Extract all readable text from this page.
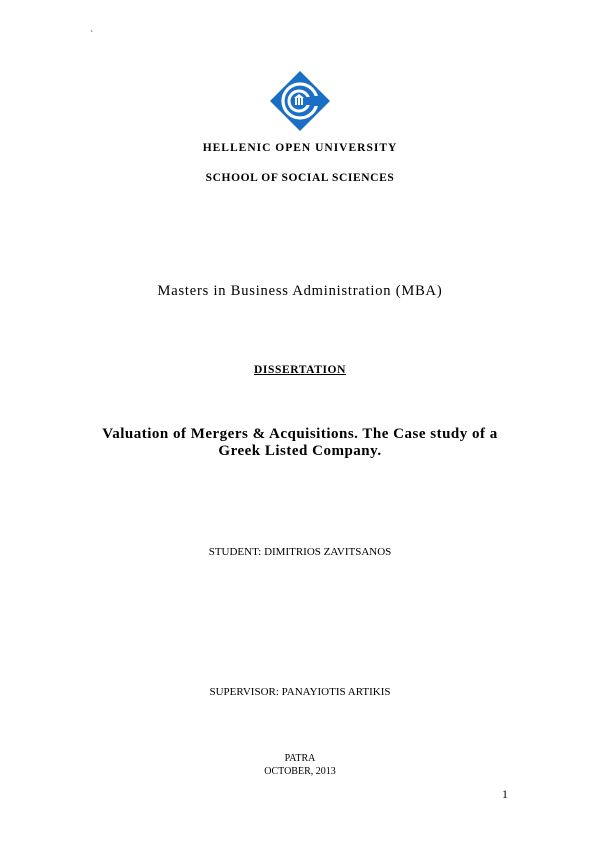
`
HELLENIC OPEN UNIVERSITY
SCHOOL OF SOCIAL SCIENCES
Masters in Business Administration (MBA)
DISSERTATION
Valuation of Mergers & Acquisitions. The Case study of a
Greek Listed Company.
STUDENT: DIMITRIOS ZAVITSANOS
SUPERVISOR: PANAYIOTIS ARTIKIS
PATRA
OCTOBER, 2013
1
